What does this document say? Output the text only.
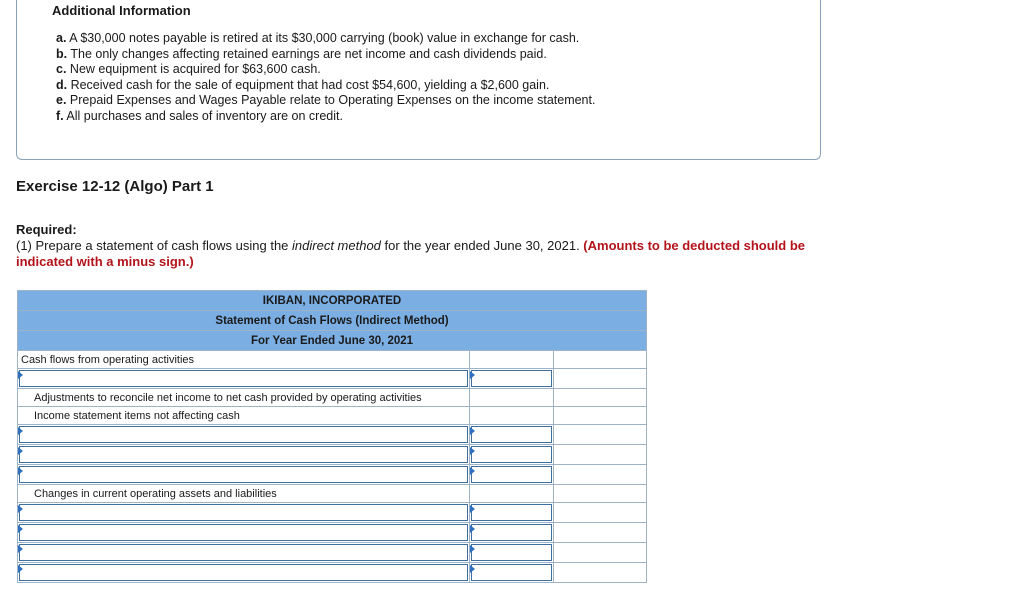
Additional Information
a. A $30,000 notes payable is retired at its $30,000 carrying (book) value in exchange for cash.
b. The only changes affecting retained earnings are net income and cash dividends paid.
c. New equipment is acquired for $63,600 cash.
d. Received cash for the sale of equipment that had cost $54,600, yielding a $2,600 gain.
e. Prepaid Expenses and Wages Payable relate to Operating Expenses on the income statement.
f. All purchases and sales of inventory are on credit.
Exercise 12-12 (Algo) Part 1
Required:
(1) Prepare a statement of cash flows using the indirect method for the year ended June 30, 2021. (Amounts to be deducted should be indicated with a minus sign.)
IKIBAN, INCORPORATED		
Statement of Cash Flows (Indirect Method)		
For Year Ended June 30, 2021		
Cash flows from operating activities		

Adjustments to reconcile net income to net cash provided by operating activities		
Income statement items not affecting cash		

Changes in current operating assets and liabilities		
